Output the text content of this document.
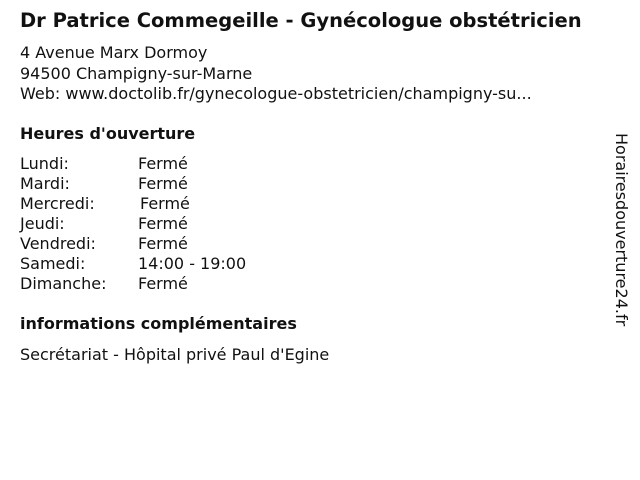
Dr Patrice Commegeille - Gynécologue obstétricien
4 Avenue Marx Dormoy
94500 Champigny-sur-Marne
Web: www.doctolib.fr/gynecologue-obstetricien/champigny-su...
Heures d'ouverture
Lundi:	Fermé
Mardi:	Fermé
Mercredi:	Fermé
Jeudi:	Fermé
Vendredi:	Fermé
Samedi:	14:00 - 19:00
Dimanche: Fermé
informations complémentaires
Secrétariat - Hôpital privé Paul d'Egine
Horairesdouverture24.fr
